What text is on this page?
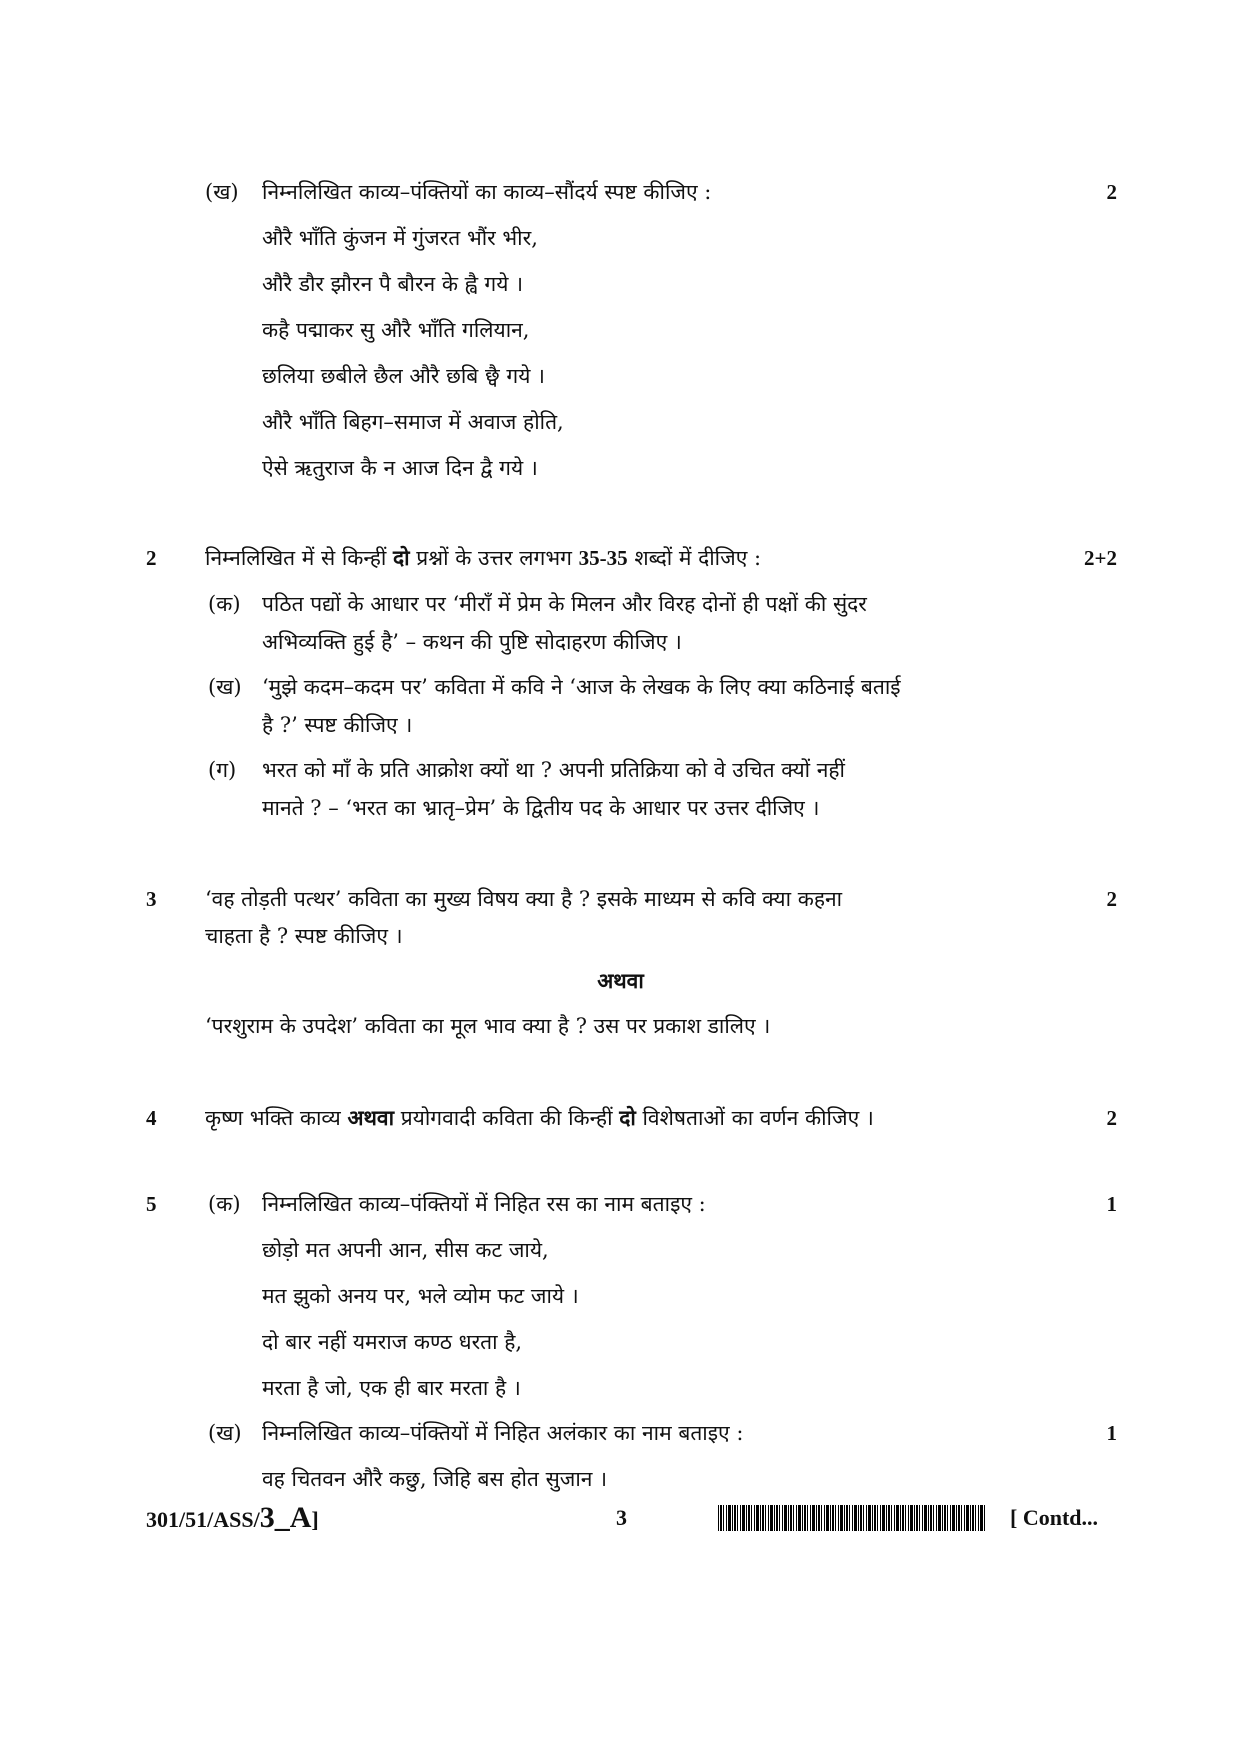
(ख) निम्नलिखित काव्य–पंक्तियों का काव्य–सौंदर्य स्पष्ट कीजिए :	2
औरै भाँति कुंजन में गुंजरत भौंर भीर,
औरै डौर झौरन पै बौरन के ह्वै गये ।
कहै पद्माकर सु औरै भाँति गलियान,
छलिया छबीले छैल औरै छबि छ्वै गये ।
औरै भाँति बिहग–समाज में अवाज होति,
ऐसे ऋतुराज कै न आज दिन द्वै गये ।
2 निम्नलिखित में से किन्हीं दो प्रश्नों के उत्तर लगभग 35-35 शब्दों में दीजिए :	2+2
(क) पठित पद्यों के आधार पर ‘मीराँ में प्रेम के मिलन और विरह दोनों ही पक्षों की सुंदर
अभिव्यक्ति हुई है’ – कथन की पुष्टि सोदाहरण कीजिए ।
(ख) ‘मुझे कदम–कदम पर’ कविता में कवि ने ‘आज के लेखक के लिए क्या कठिनाई बताई
है ?’ स्पष्ट कीजिए ।
(ग) भरत को माँ के प्रति आक्रोश क्यों था ? अपनी प्रतिक्रिया को वे उचित क्यों नहीं
मानते ? – ‘भरत का भ्रातृ–प्रेम’ के द्वितीय पद के आधार पर उत्तर दीजिए ।
3 ‘वह तोड़ती पत्थर’ कविता का मुख्य विषय क्या है ? इसके माध्यम से कवि क्या कहना
चाहता है ? स्पष्ट कीजिए ।
2
अथवा
‘परशुराम के उपदेश’ कविता का मूल भाव क्या है ? उस पर प्रकाश डालिए ।
4 कृष्ण भक्ति काव्य अथवा प्रयोगवादी कविता की किन्हीं दो विशेषताओं का वर्णन कीजिए ।	2
5 (क) निम्नलिखित काव्य–पंक्तियों में निहित रस का नाम बताइए :	1
छोड़ो मत अपनी आन, सीस कट जाये,
मत झुको अनय पर, भले व्योम फट जाये ।
दो बार नहीं यमराज कण्ठ धरता है,
मरता है जो, एक ही बार मरता है ।
(ख) निम्नलिखित काव्य–पंक्तियों में निहित अलंकार का नाम बताइए :	1
वह चितवन औरै कछु, जिहि बस होत सुजान ।
301/51/ASS/3_A]	3	[ Contd...
